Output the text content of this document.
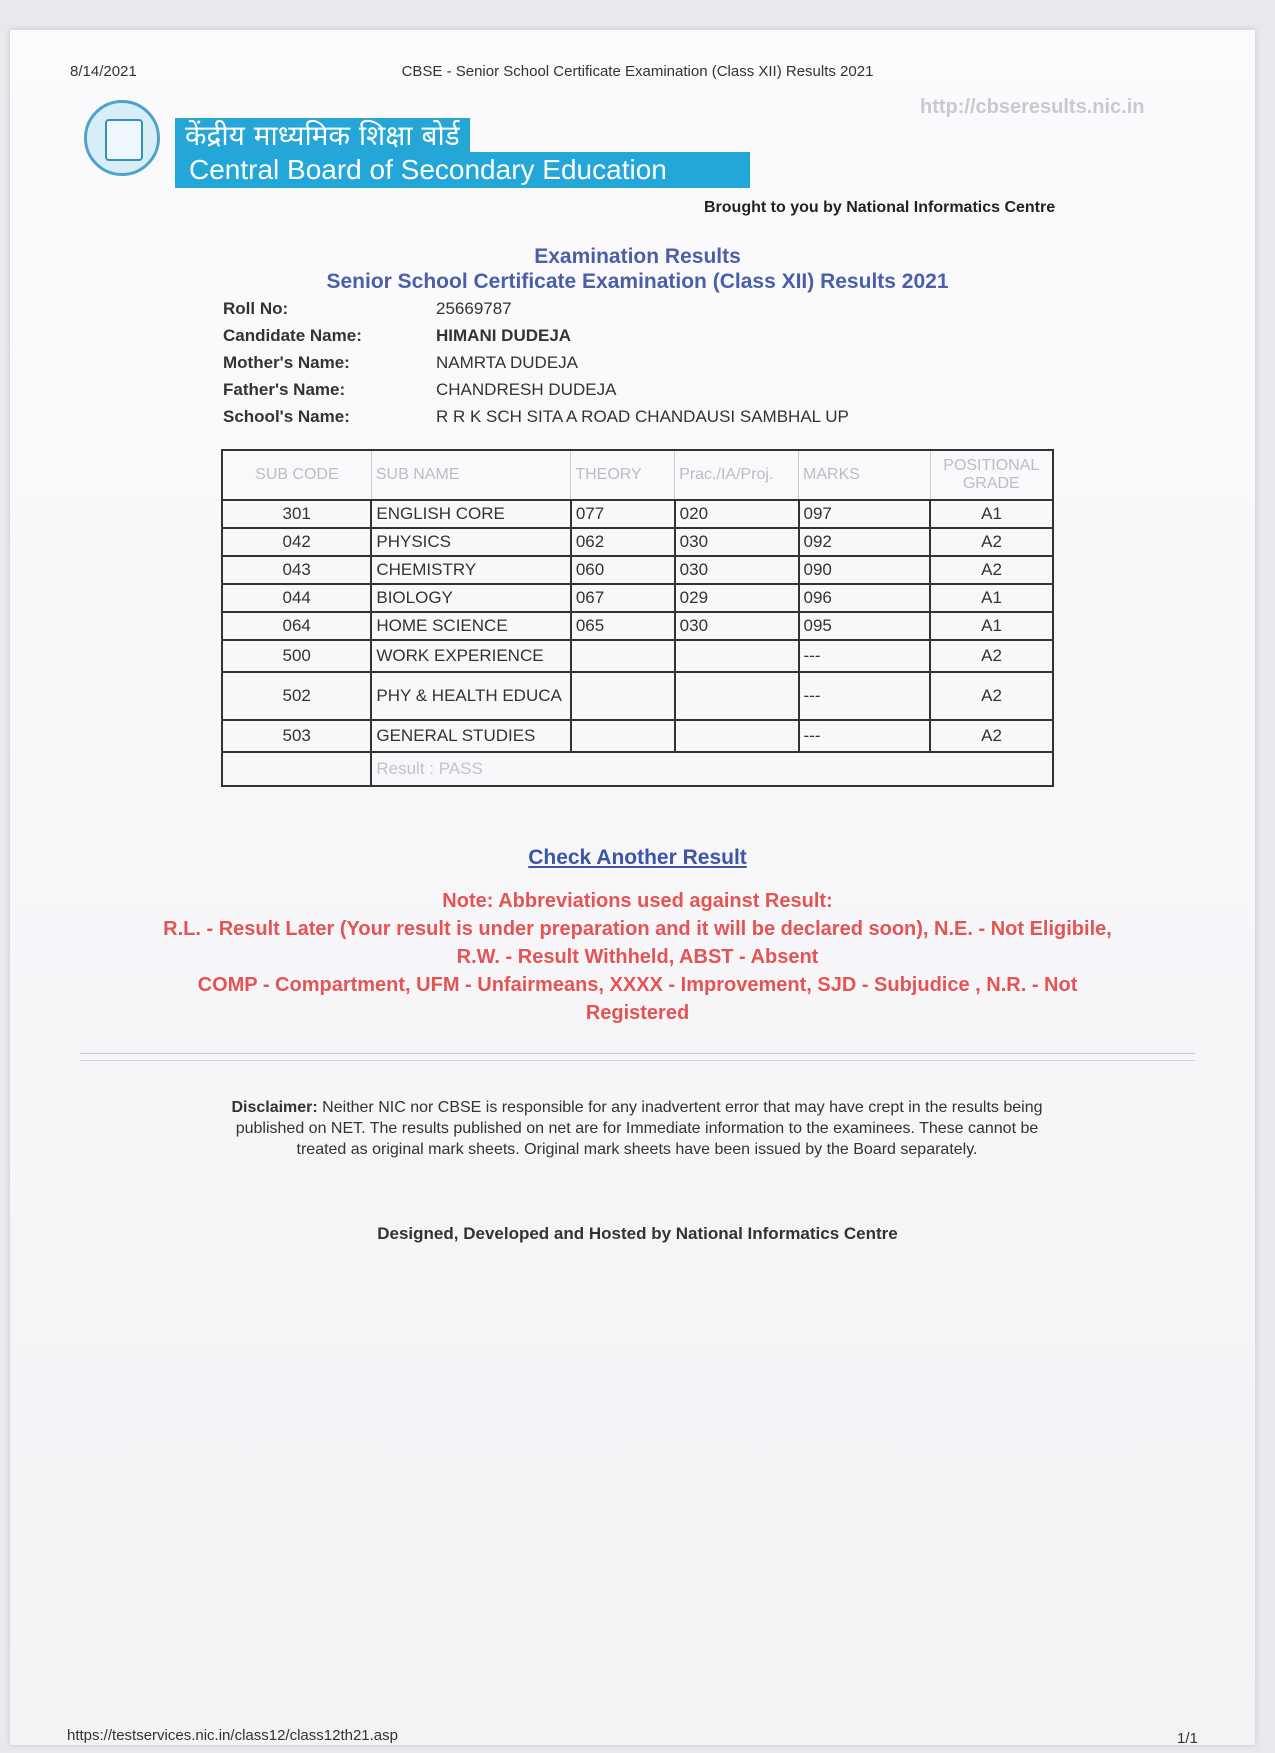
8/14/2021	CBSE - Senior School Certificate Examination (Class XII) Results 2021
http://cbseresults.nic.in
केंद्रीय माध्यमिक शिक्षा बोर्ड
Central Board of Secondary Education
Brought to you by National Informatics Centre
Examination Results
Senior School Certificate Examination (Class XII) Results 2021
Roll No:	25669787
Candidate Name:	HIMANI DUDEJA
Mother's Name:	NAMRTA DUDEJA
Father's Name:	CHANDRESH DUDEJA
School's Name:	R R K SCH SITA A ROAD CHANDAUSI SAMBHAL UP
SUB CODE	SUB NAME	THEORY	Prac./IA/Proj.	MARKS	POSITIONAL GRADE
301	ENGLISH CORE	077	020	097	A1
042	PHYSICS	062	030	092	A2
043	CHEMISTRY	060	030	090	A2
044	BIOLOGY	067	029	096	A1
064	HOME SCIENCE	065	030	095	A1
500	WORK EXPERIENCE			---	A2
502	PHY & HEALTH EDUCA			---	A2
503	GENERAL STUDIES			---	A2
	Result : PASS				
Check Another Result
Note: Abbreviations used against Result:
R.L. - Result Later (Your result is under preparation and it will be declared soon), N.E. - Not Eligibile,
R.W. - Result Withheld, ABST - Absent
COMP - Compartment, UFM - Unfairmeans, XXXX - Improvement, SJD - Subjudice , N.R. - Not
Registered
Disclaimer: Neither NIC nor CBSE is responsible for any inadvertent error that may have crept in the results being published on NET. The results published on net are for Immediate information to the examinees. These cannot be treated as original mark sheets. Original mark sheets have been issued by the Board separately.
Designed, Developed and Hosted by National Informatics Centre
https://testservices.nic.in/class12/class12th21.asp	1/1
